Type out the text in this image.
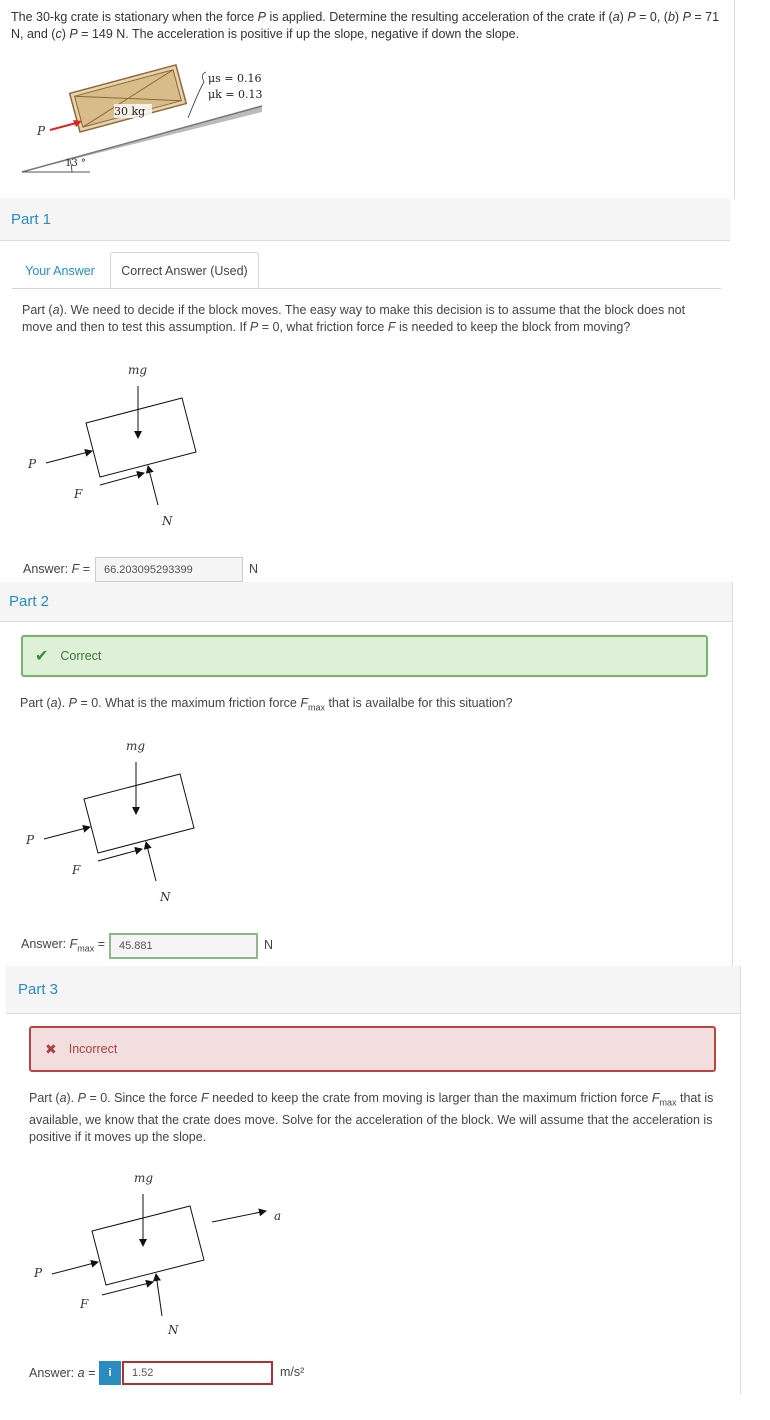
The 30-kg crate is stationary when the force P is applied. Determine the resulting acceleration of the crate if (a) P = 0, (b) P = 71 N, and (c) P = 149 N. The acceleration is positive if up the slope, negative if down the slope.
30 kg
P
μs = 0.16
μk = 0.13
13 °
Part 1
Your Answer Correct Answer (Used)
Part (a). We need to decide if the block moves. The easy way to make this decision is to assume that the block does not move and then to test this assumption. If P = 0, what friction force F is needed to keep the block from moving?
mg
P
F
N
Answer: F = 66.203095293399	N
Part 2
✔ Correct
Part (a). P = 0. What is the maximum friction force $F_{max}$ that is availalbe for this situation?
mg
P
F
N
Answer: $F_{max} = 45.881$	N
Part 3
✖ Incorrect
Part (a). P = 0. Since the force F needed to keep the crate from moving is larger than the maximum friction force $F_{max}$ that is available, we know that the crate does move. Solve for the acceleration of the block. We will assume that the acceleration is positive if it moves up the slope.
mg
P
F
N
a
Answer: a = i 1.52	m/s²
